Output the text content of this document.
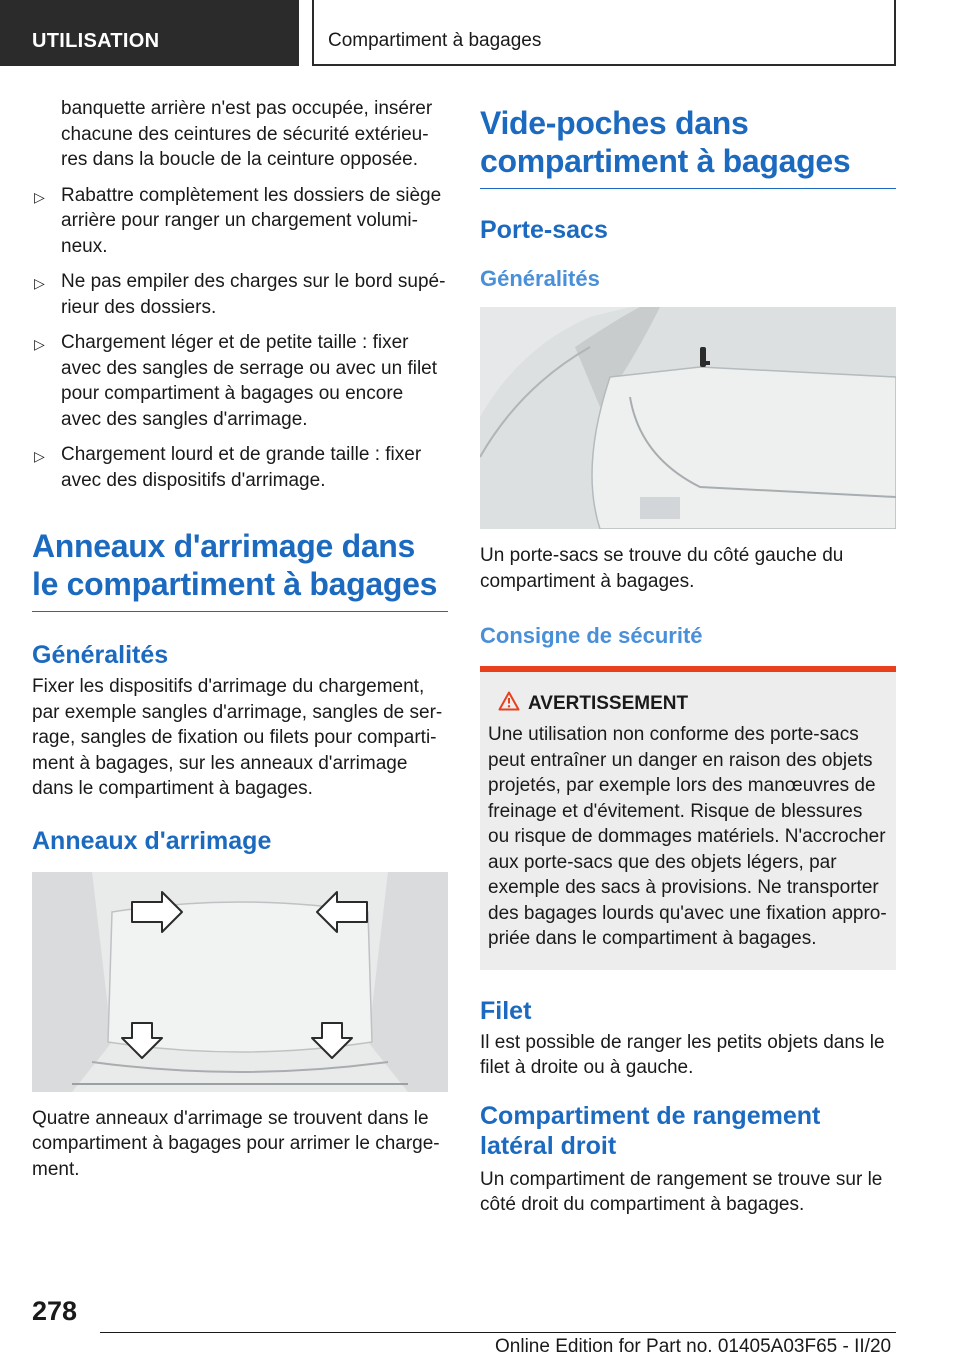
UTILISATION	Compartiment à bagages

banquette arrière n'est pas occupée, insérer chacune des ceintures de sécurité extérieu-res dans la boucle de la ceinture opposée.

▷ Rabattre complètement les dossiers de siège arrière pour ranger un chargement volumi-neux.
▷ Ne pas empiler des charges sur le bord supé-rieur des dossiers.
▷ Chargement léger et de petite taille : fixer avec des sangles de serrage ou avec un filet pour compartiment à bagages ou encore avec des sangles d'arrimage.
▷ Chargement lourd et de grande taille : fixer avec des dispositifs d'arrimage.
Anneaux d'arrimage dans le compartiment à bagages
Généralités

Fixer les dispositifs d'arrimage du chargement, par exemple sangles d'arrimage, sangles de ser-rage, sangles de fixation ou filets pour comparti-ment à bagages, sur les anneaux d'arrimage dans le compartiment à bagages.

Anneaux d'arrimage

Quatre anneaux d'arrimage se trouvent dans le compartiment à bagages pour arrimer le charge-ment.

Vide-poches dans compartiment à bagages
Porte-sacs
Généralités

Un porte-sacs se trouve du côté gauche du compartiment à bagages.

Consigne de sécurité
AVERTISSEMENT

Une utilisation non conforme des porte-sacs peut entraîner un danger en raison des objets projetés, par exemple lors des manœuvres de freinage et d'évitement. Risque de blessures ou risque de dommages matériels. N'accrocher aux porte-sacs que des objets légers, par exemple des sacs à provisions. Ne transporter des bagages lourds qu'avec une fixation appro-priée dans le compartiment à bagages.

Filet

Il est possible de ranger les petits objets dans le filet à droite ou à gauche.

Compartiment de rangement latéral droit

Un compartiment de rangement se trouve sur le côté droit du compartiment à bagages.

278
Online Edition for Part no. 01405A03F65 - II/20
